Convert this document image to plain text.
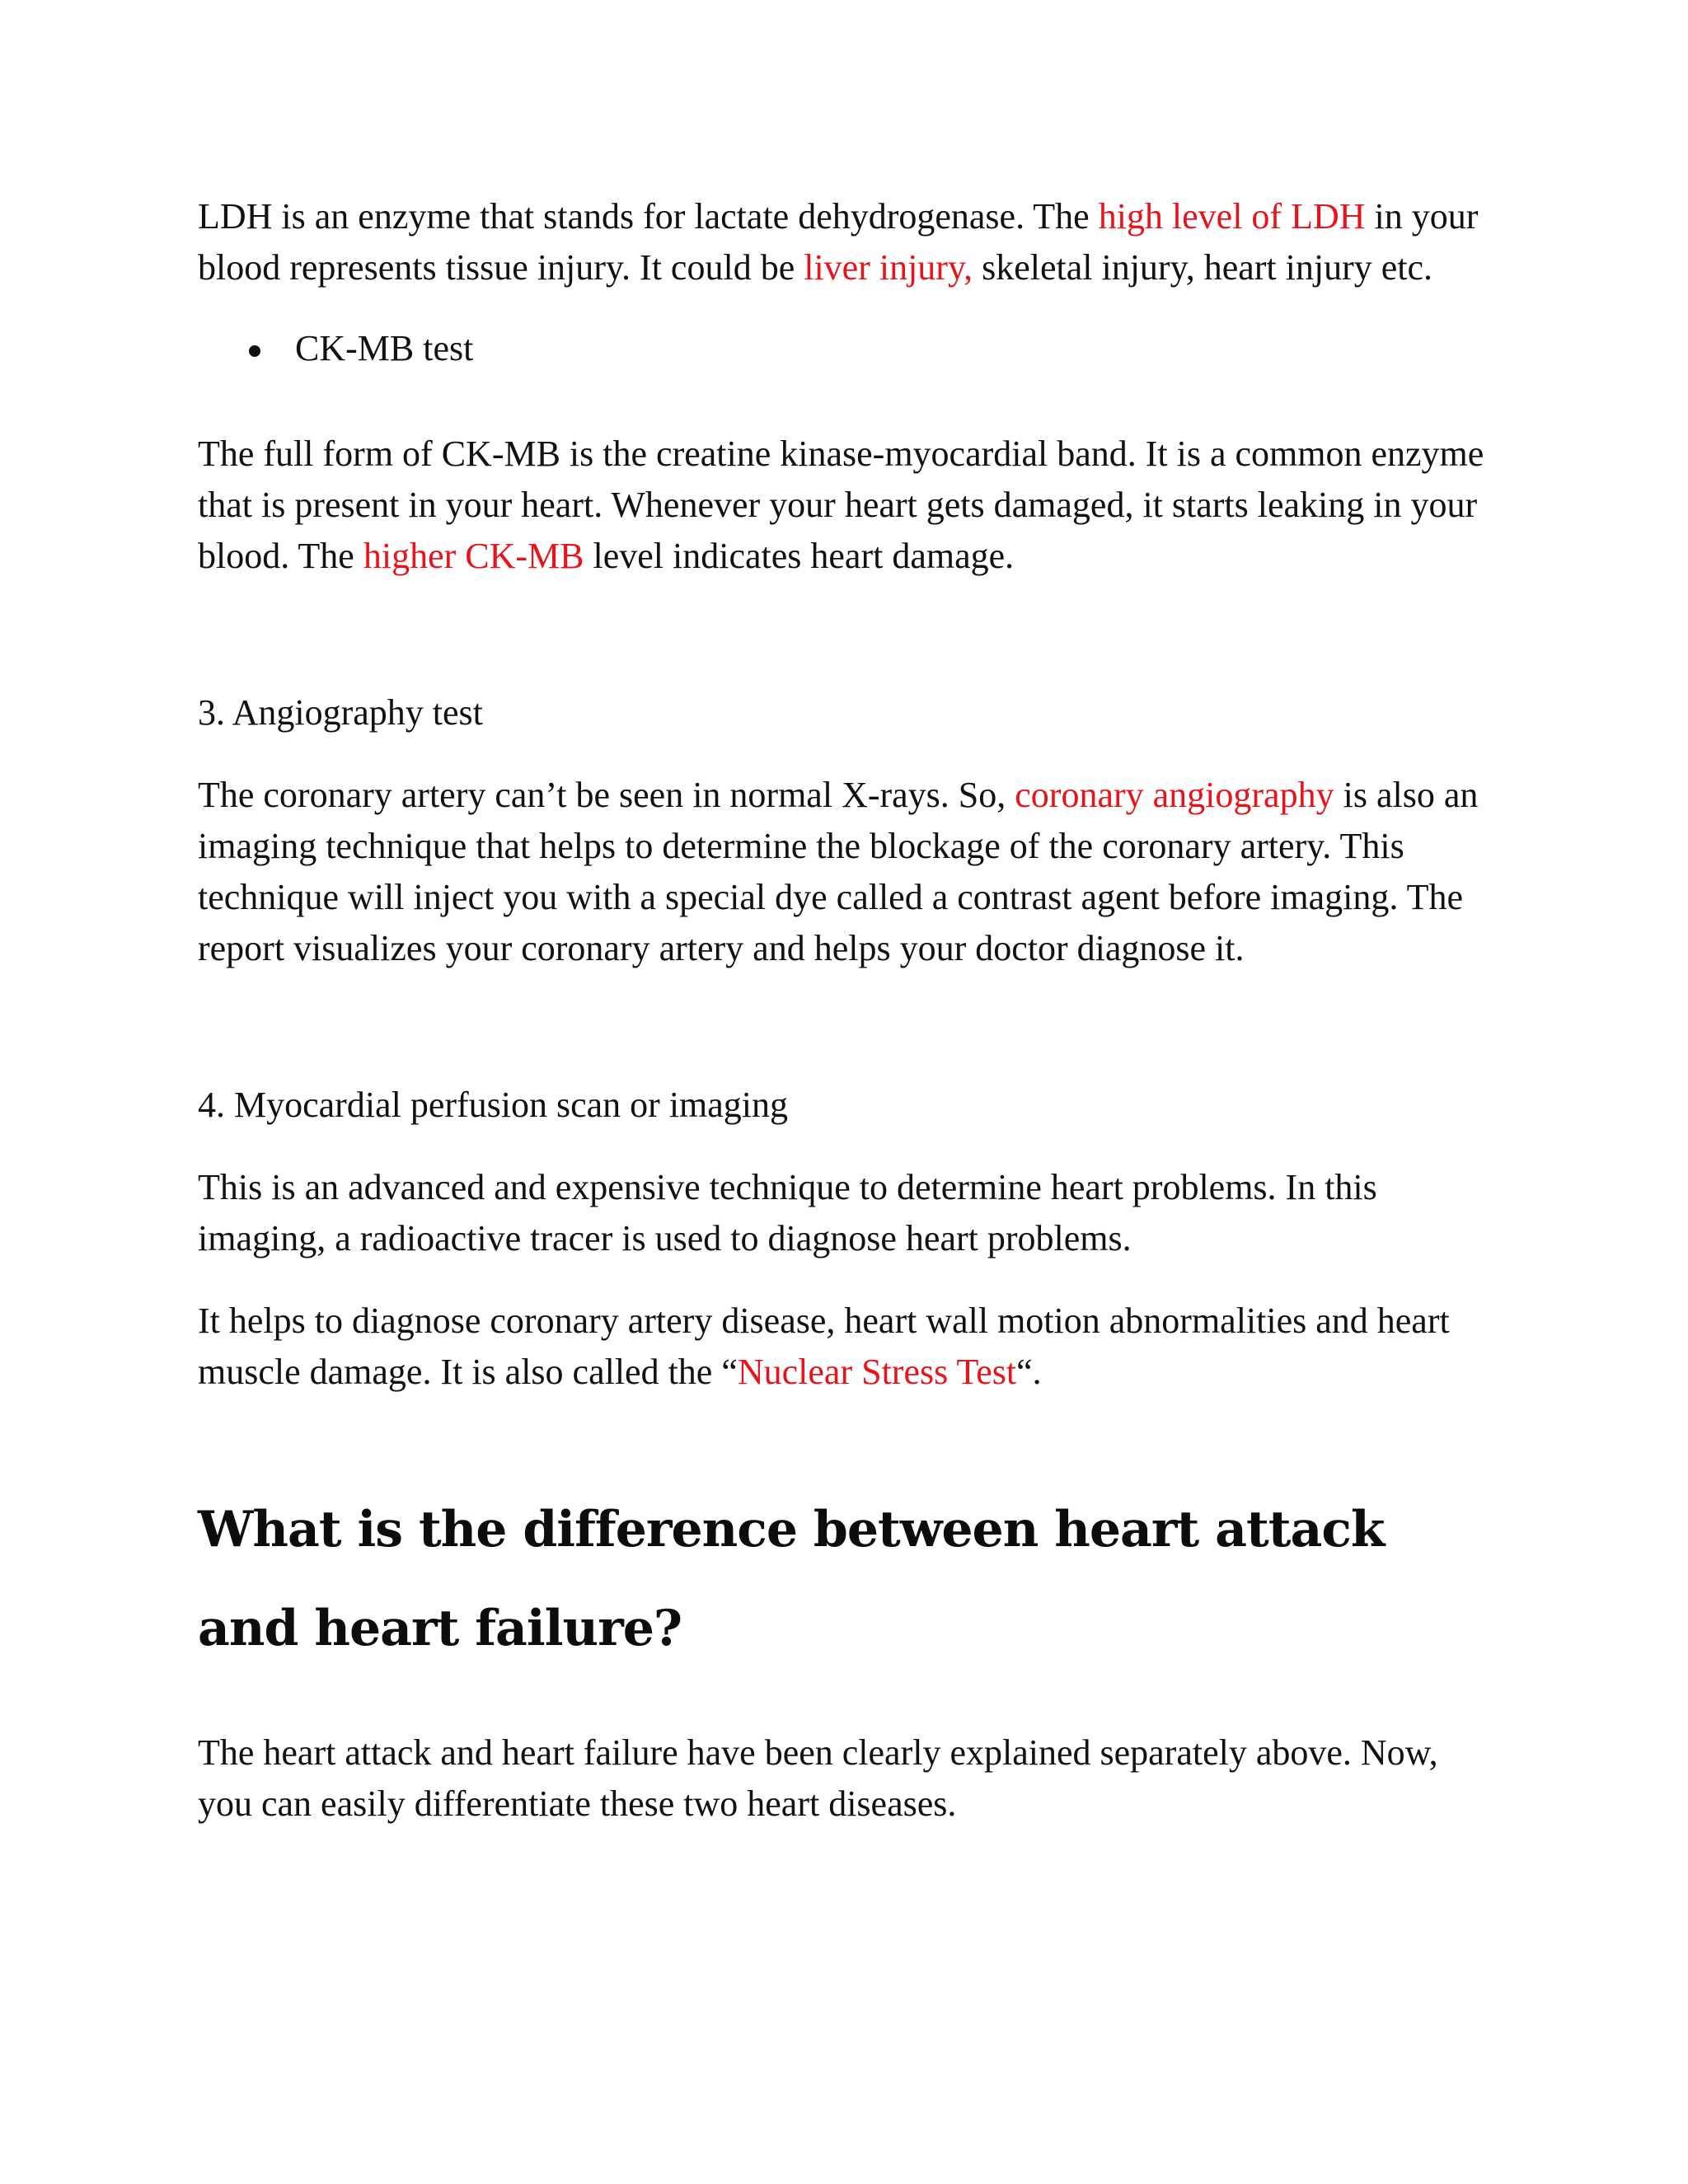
LDH is an enzyme that stands for lactate dehydrogenase. The high level of LDH in your blood represents tissue injury. It could be liver injury, skeletal injury, heart injury etc.

CK-MB test

The full form of CK-MB is the creatine kinase-myocardial band. It is a common enzyme that is present in your heart. Whenever your heart gets damaged, it starts leaking in your blood. The higher CK-MB level indicates heart damage.

3. Angiography test

The coronary artery can’t be seen in normal X-rays. So, coronary angiography is also an imaging technique that helps to determine the blockage of the coronary artery. This technique will inject you with a special dye called a contrast agent before imaging. The report visualizes your coronary artery and helps your doctor diagnose it.

4. Myocardial perfusion scan or imaging

This is an advanced and expensive technique to determine heart problems. In this imaging, a radioactive tracer is used to diagnose heart problems.

It helps to diagnose coronary artery disease, heart wall motion abnormalities and heart muscle damage. It is also called the “Nuclear Stress Test“.

What is the difference between heart attack and heart failure?

The heart attack and heart failure have been clearly explained separately above. Now, you can easily differentiate these two heart diseases.
